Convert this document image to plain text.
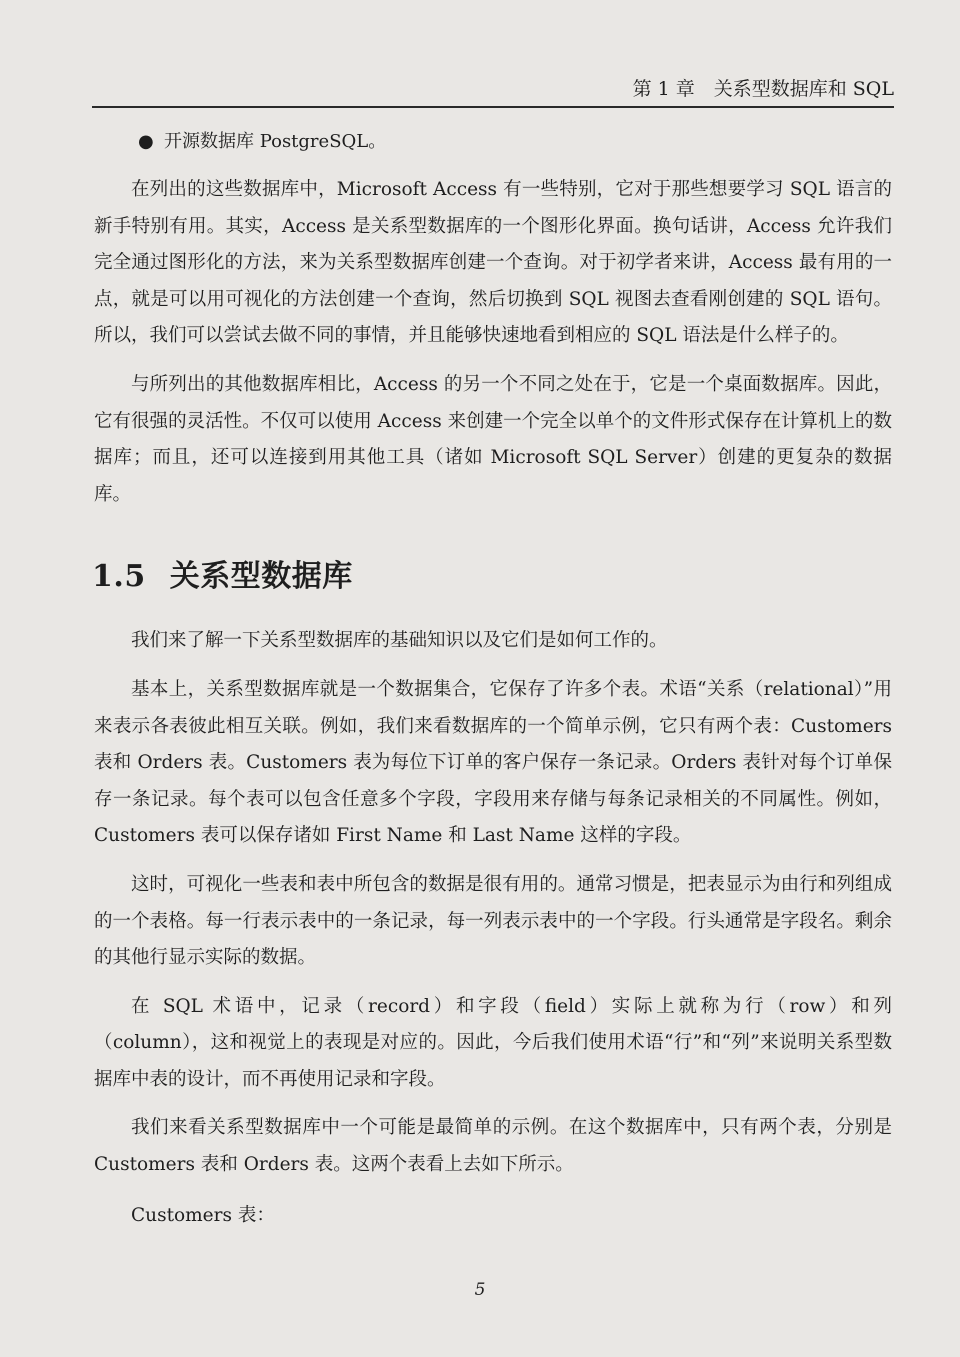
第 1 章　关系型数据库和 SQL
● 开源数据库 PostgreSQL。

在列出的这些数据库中，Microsoft Access 有一些特别，它对于那些想要学习 SQL 语言的新手特别有用。其实，Access 是关系型数据库的一个图形化界面。换句话讲，Access 允许我们完全通过图形化的方法，来为关系型数据库创建一个查询。对于初学者来讲，Access 最有用的一点，就是可以用可视化的方法创建一个查询，然后切换到 SQL 视图去查看刚创建的 SQL 语句。所以，我们可以尝试去做不同的事情，并且能够快速地看到相应的 SQL 语法是什么样子的。

与所列出的其他数据库相比，Access 的另一个不同之处在于，它是一个桌面数据库。因此，它有很强的灵活性。不仅可以使用 Access 来创建一个完全以单个的文件形式保存在计算机上的数据库；而且，还可以连接到用其他工具（诸如 Microsoft SQL Server）创建的更复杂的数据库。

1.5 关系型数据库

我们来了解一下关系型数据库的基础知识以及它们是如何工作的。

基本上，关系型数据库就是一个数据集合，它保存了许多个表。术语“关系（relational）”用来表示各表彼此相互关联。例如，我们来看数据库的一个简单示例，它只有两个表：Customers 表和 Orders 表。Customers 表为每位下订单的客户保存一条记录。Orders 表针对每个订单保存一条记录。每个表可以包含任意多个字段，字段用来存储与每条记录相关的不同属性。例如，Customers 表可以保存诸如 First Name 和 Last Name 这样的字段。

这时，可视化一些表和表中所包含的数据是很有用的。通常习惯是，把表显示为由行和列组成的一个表格。每一行表示表中的一条记录，每一列表示表中的一个字段。行头通常是字段名。剩余的其他行显示实际的数据。

在 SQL 术语中，记录（record）和字段（field）实际上就称为行（row）和列（column），这和视觉上的表现是对应的。因此，今后我们使用术语“行”和“列”来说明关系型数据库中表的设计，而不再使用记录和字段。

我们来看关系型数据库中一个可能是最简单的示例。在这个数据库中，只有两个表，分别是 Customers 表和 Orders 表。这两个表看上去如下所示。

Customers 表：
5
